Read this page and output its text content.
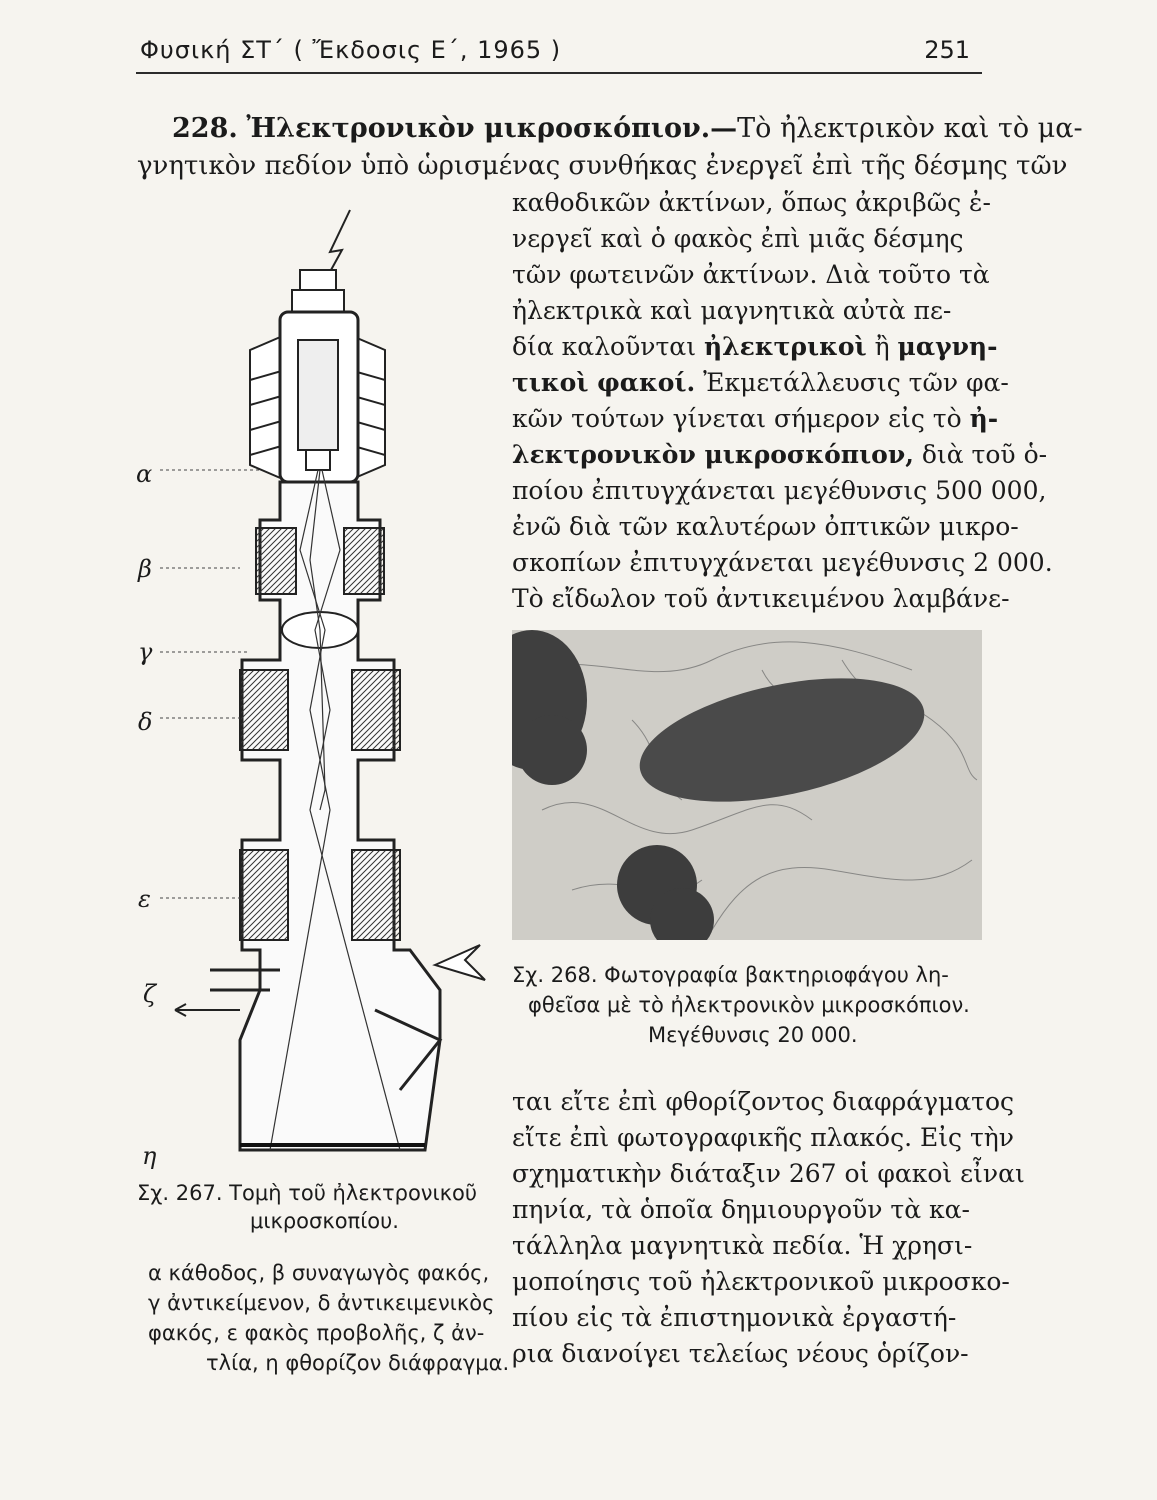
Φυσική ΣΤ΄ ( Ἔκδοσις Ε΄, 1965 )	251
228. Ἠλεκτρονικὸν μικροσκόπιον.—Τὸ ἠλεκτρικὸν καὶ τὸ μα-
γνητικὸν πεδίον ὑπὸ ὡρισμένας συνθήκας ἐνεργεῖ ἐπὶ τῆς δέσμης τῶν
καθοδικῶν ἀκτίνων, ὅπως ἀκριβῶς ἐ-
νεργεῖ καὶ ὁ φακὸς ἐπὶ μιᾶς δέσμης
τῶν φωτεινῶν ἀκτίνων. Διὰ τοῦτο τὰ
ἠλεκτρικὰ καὶ μαγνητικὰ αὐτὰ πε-
δία καλοῦνται ἠλεκτρικοὶ ἢ μαγνη-
τικοὶ φακοί. Ἐκμετάλλευσις τῶν φα-
κῶν τούτων γίνεται σήμερον εἰς τὸ ἠ-
λεκτρονικὸν μικροσκόπιον, διὰ τοῦ ὁ-
ποίου ἐπιτυγχάνεται μεγέθυνσις 500 000,
ἐνῶ διὰ τῶν καλυτέρων ὀπτικῶν μικρο-
σκοπίων ἐπιτυγχάνεται μεγέθυνσις 2 000.
Τὸ εἴδωλον τοῦ ἀντικειμένου λαμβάνε-
Σχ. 268. Φωτογραφία βακτηριοφάγου λη-
φθεῖσα μὲ τὸ ἠλεκτρονικὸν μικροσκόπιον.
Μεγέθυνσις 20 000.
ται εἴτε ἐπὶ φθορίζοντος διαφράγματος
εἴτε ἐπὶ φωτογραφικῆς πλακός. Εἰς τὴν
σχηματικὴν διάταξιν 267 οἱ φακοὶ εἶναι
πηνία, τὰ ὁποῖα δημιουργοῦν τὰ κα-
τάλληλα μαγνητικὰ πεδία. Ἡ χρησι-
μοποίησις τοῦ ἠλεκτρονικοῦ μικροσκο-
πίου εἰς τὰ ἐπιστημονικὰ ἐργαστή-
ρια διανοίγει τελείως νέους ὁρίζον-
α
β
γ
δ
ε
ζ
η
Σχ. 267. Τομὴ τοῦ ἠλεκτρονικοῦ
μικροσκοπίου.
α κάθοδος, β συναγωγὸς φακός,
γ ἀντικείμενον, δ ἀντικειμενικὸς
φακός, ε φακὸς προβολῆς, ζ ἀν-
τλία, η φθορίζον διάφραγμα.
